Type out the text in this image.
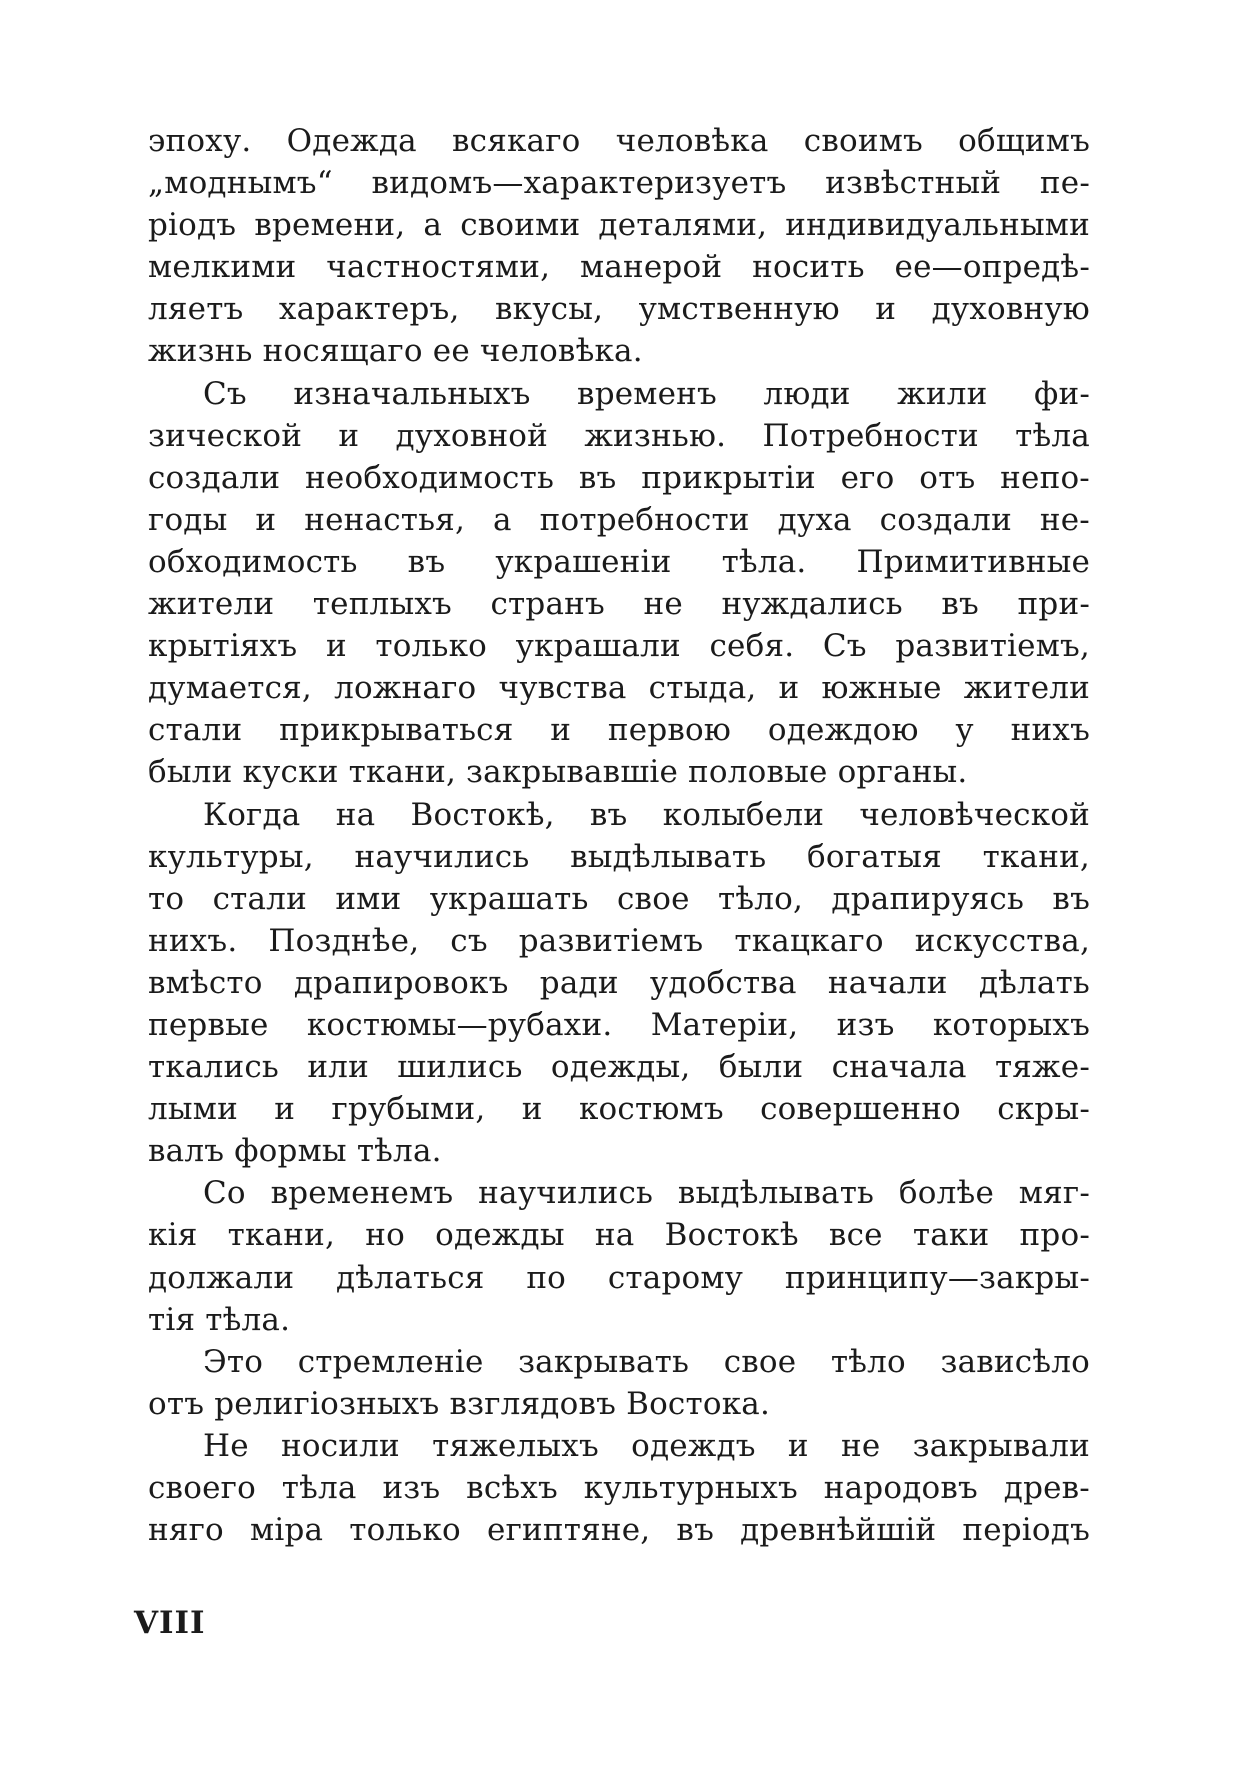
эпоху. Одежда всякаго человѣка своимъ общимъ
„моднымъ“ видомъ—характеризуетъ извѣстный пе-
ріодъ времени, а своими деталями, индивидуальными
мелкими частностями, манерой носить ее—опредѣ-
ляетъ характеръ, вкусы, умственную и духовную
жизнь носящаго ее человѣка.
Съ изначальныхъ временъ люди жили фи-
зической и духовной жизнью. Потребности тѣла
создали необходимость въ прикрытіи его отъ непо-
годы и ненастья, а потребности духа создали не-
обходимость въ украшеніи тѣла. Примитивные
жители теплыхъ странъ не нуждались въ при-
крытіяхъ и только украшали себя. Съ развитіемъ,
думается, ложнаго чувства стыда, и южные жители
стали прикрываться и первою одеждою у нихъ
были куски ткани, закрывавшіе половые органы.
Когда на Востокѣ, въ колыбели человѣческой
культуры, научились выдѣлывать богатыя ткани,
то стали ими украшать свое тѣло, драпируясь въ
нихъ. Позднѣе, съ развитіемъ ткацкаго искусства,
вмѣсто драпировокъ ради удобства начали дѣлать
первые костюмы—рубахи. Матеріи, изъ которыхъ
ткались или шились одежды, были сначала тяже-
лыми и грубыми, и костюмъ совершенно скры-
валъ формы тѣла.
Со временемъ научились выдѣлывать болѣе мяг-
кія ткани, но одежды на Востокѣ все таки про-
должали дѣлаться по старому принципу—закры-
тія тѣла.
Это стремленіе закрывать свое тѣло зависѣло
отъ религіозныхъ взглядовъ Востока.
Не носили тяжелыхъ одеждъ и не закрывали
своего тѣла изъ всѣхъ культурныхъ народовъ древ-
няго міра только египтяне, въ древнѣйшій періодъ
VIII
